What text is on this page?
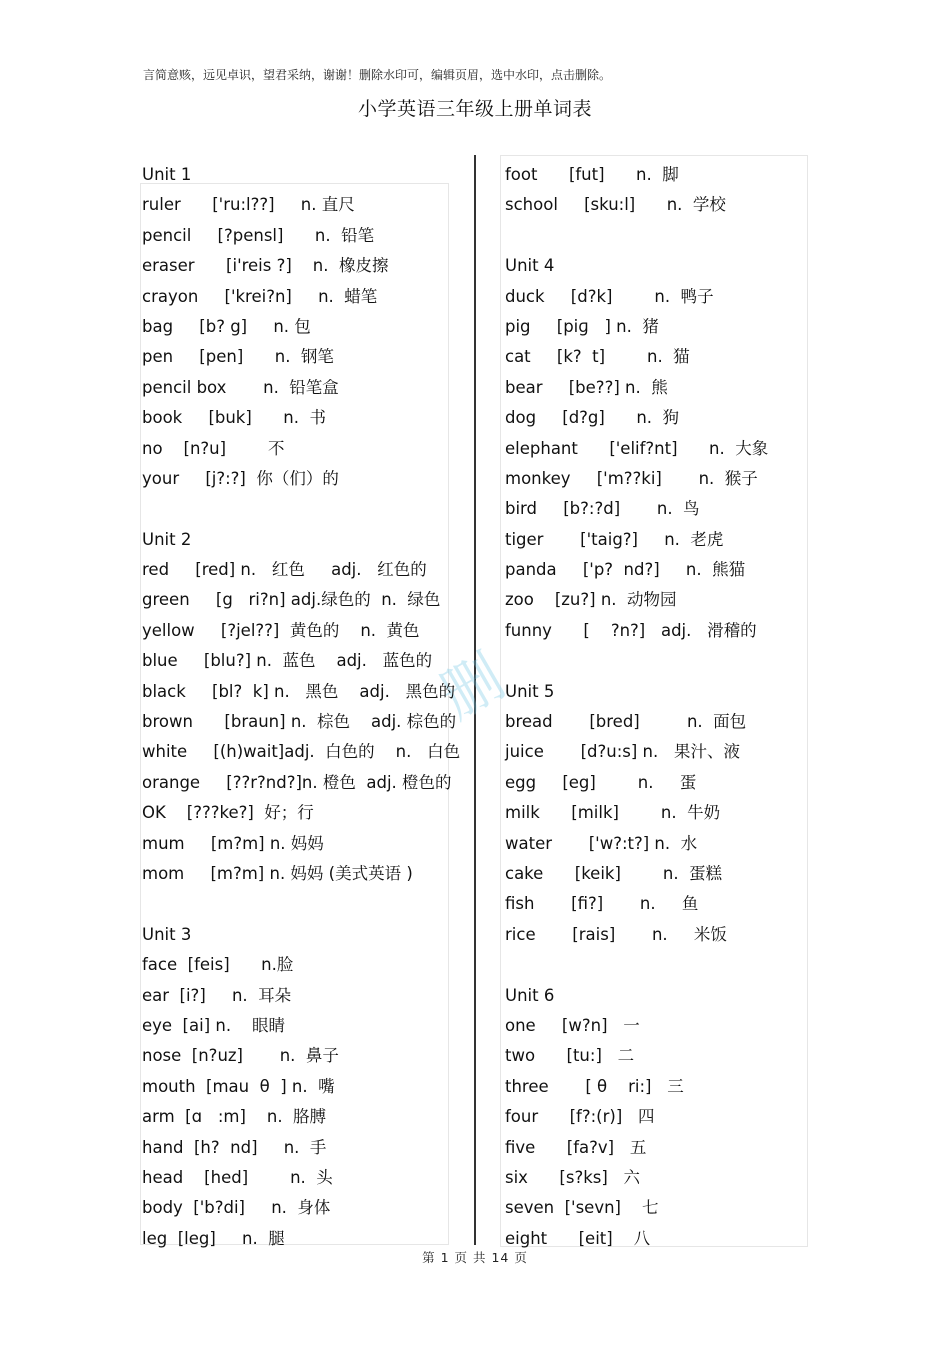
言简意赅，远见卓识，望君采纳，谢谢！删除水印可，编辑页眉，选中水印，点击删除。
小学英语三年级上册单词表
删
Unit 1
ruler      ['ru:l??]     n. 直尺
pencil     [?pensl]      n.  铅笔
eraser      [i'reis ?]    n.  橡皮擦
crayon     ['krei?n]     n.  蜡笔
bag     [b? g]     n. 包
pen     [pen]      n.  钢笔
pencil box       n.  铅笔盒
book     [buk]      n.  书
no    [n?u]        不
your     [j?:?]  你（们）的
Unit 2
red     [red] n.   红色     adj.   红色的
green     [g   ri?n] adj.绿色的  n.  绿色
yellow     [?jel??]  黄色的    n.  黄色
blue     [blu?] n.  蓝色    adj.   蓝色的
black     [bl?  k] n.   黑色    adj.   黑色的
brown      [braun] n.  棕色    adj. 棕色的
white     [(h)wait]adj.  白色的    n.   白色
orange     [??r?nd?]n. 橙色  adj. 橙色的
OK    [???ke?]  好；行
mum     [m?m] n. 妈妈
mom     [m?m] n. 妈妈 (美式英语 )
Unit 3
face  [feis]      n.脸
ear  [i?]     n.  耳朵
eye  [ai] n.    眼睛
nose  [n?uz]       n.  鼻子
mouth  [mau  θ  ] n.  嘴
arm  [ɑ   :m]    n.  胳膊
hand  [h?  nd]     n.  手
head    [hed]        n.  头
body  ['b?di]     n.  身体
leg  [leg]     n.  腿
foot      [fut]      n.  脚
school     [sku:l]      n.  学校
Unit 4
duck     [d?k]        n.  鸭子
pig     [piɡ   ] n.  猪
cat     [k?  t]        n.  猫
bear     [be??] n.  熊
dog     [d?g]      n.  狗
elephant      ['elif?nt]      n.  大象
monkey     ['m??ki]       n.  猴子
bird     [b?:?d]       n.  鸟
tiger       ['taig?]     n.  老虎
panda     ['p?  nd?]     n.  熊猫
zoo    [zu?] n.  动物园
funny      [    ?n?]   adj.   滑稽的
Unit 5
bread       [bred]         n.  面包
juice       [d?u:s] n.   果汁、液
egg     [eg]        n.     蛋
milk      [milk]        n.  牛奶
water       ['w?:t?] n.  水
cake      [keik]        n.  蛋糕
fish       [fi?]       n.     鱼
rice       [rais]       n.     米饭
Unit 6
one     [w?n]   一
two      [tu:]   二
three       [ θ    ri:]   三
four      [f?:(r)]   四
five      [fa?v]   五
six      [s?ks]   六
seven  ['sevn]    七
eight      [eit]    八
第 1 页 共 14 页
